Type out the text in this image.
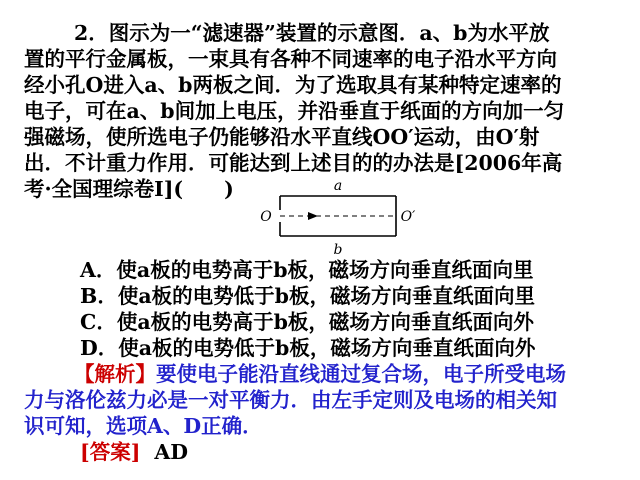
2．图示为一“滤速器”装置的示意图．a、b为水平放
置的平行金属板，一束具有各种不同速率的电子沿水平方向
经小孔O进入a、b两板之间．为了选取具有某种特定速率的
电子，可在a、b间加上电压，并沿垂直于纸面的方向加一匀
强磁场，使所选电子仍能够沿水平直线OO′运动，由O′射
出．不计重力作用．可能达到上述目的的办法是[2006年高
考·全国理综卷Ⅰ](　　)	a
O	O′
b
A．使a板的电势高于b板，磁场方向垂直纸面向里
B．使a板的电势低于b板，磁场方向垂直纸面向里
C．使a板的电势高于b板，磁场方向垂直纸面向外
D．使a板的电势低于b板，磁场方向垂直纸面向外
【解析】要使电子能沿直线通过复合场，电子所受电场
力与洛伦兹力必是一对平衡力．由左手定则及电场的相关知
识可知，选项A、D正确．
[答案] AD
